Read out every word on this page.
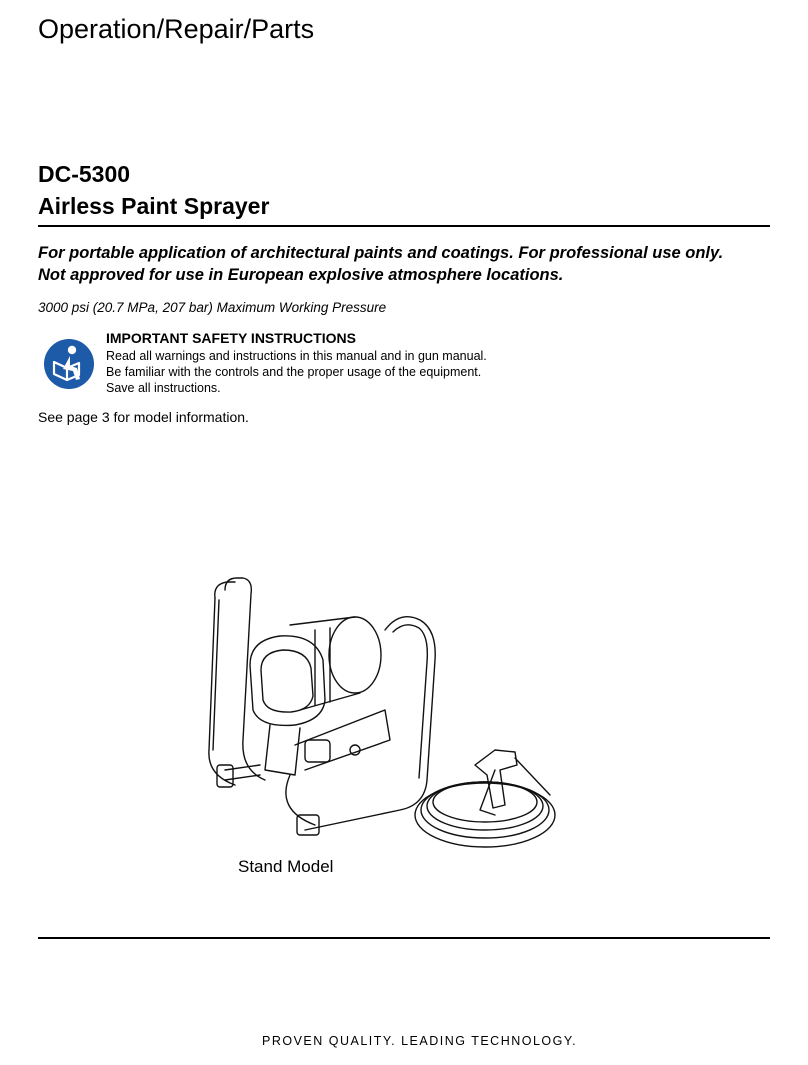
Operation/Repair/Parts
DC-5300
Airless Paint Sprayer
For portable application of architectural paints and coatings. For professional use only.
Not approved for use in European explosive atmosphere locations.
3000 psi (20.7 MPa, 207 bar) Maximum Working Pressure
IMPORTANT SAFETY INSTRUCTIONS
Read all warnings and instructions in this manual and in gun manual.
Be familiar with the controls and the proper usage of the equipment.
Save all instructions.
See page 3 for model information.
Stand Model
PROVEN QUALITY. LEADING TECHNOLOGY.
